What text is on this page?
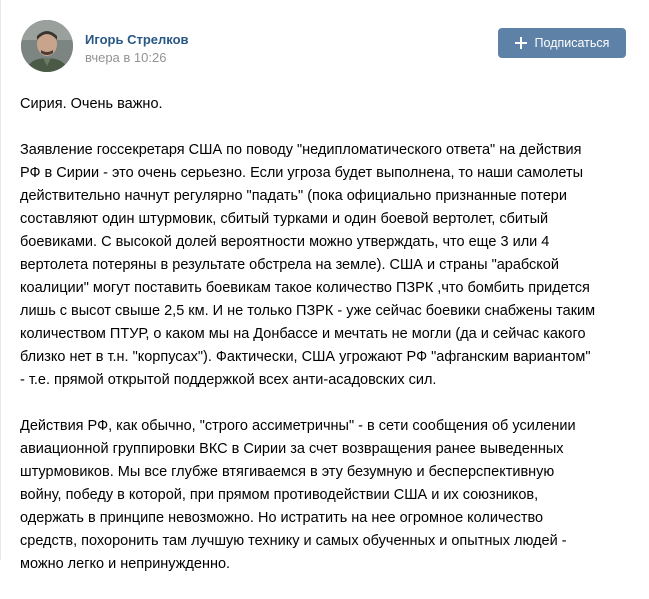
Игорь Стрелков
вчера в 10:26
Подписаться

Сирия. Очень важно.

Заявление госсекретаря США по поводу "недипломатического ответа" на действия
РФ в Сирии - это очень серьезно. Если угроза будет выполнена, то наши самолеты
действительно начнут регулярно "падать" (пока официально признанные потери
составляют один штурмовик, сбитый турками и один боевой вертолет, сбитый
боевиками. С высокой долей вероятности можно утверждать, что еще 3 или 4
вертолета потеряны в результате обстрела на земле). США и страны "арабской
коалиции" могут поставить боевикам такое количество ПЗРК ,что бомбить придется
лишь с высот свыше 2,5 км. И не только ПЗРК - уже сейчас боевики снабжены таким
количеством ПТУР, о каком мы на Донбассе и мечтать не могли (да и сейчас какого
близко нет в т.н. "корпусах"). Фактически, США угрожают РФ "афганским вариантом"
- т.е. прямой открытой поддержкой всех анти-асадовских сил.

Действия РФ, как обычно, "строго ассиметричны" - в сети сообщения об усилении
авиационной группировки ВКС в Сирии за счет возвращения ранее выведенных
штурмовиков. Мы все глубже втягиваемся в эту безумную и бесперспективную
войну, победу в которой, при прямом противодействии США и их союзников,
одержать в принципе невозможно. Но истратить на нее огромное количество
средств, похоронить там лучшую технику и самых обученных и опытных людей -
можно легко и непринужденно.
